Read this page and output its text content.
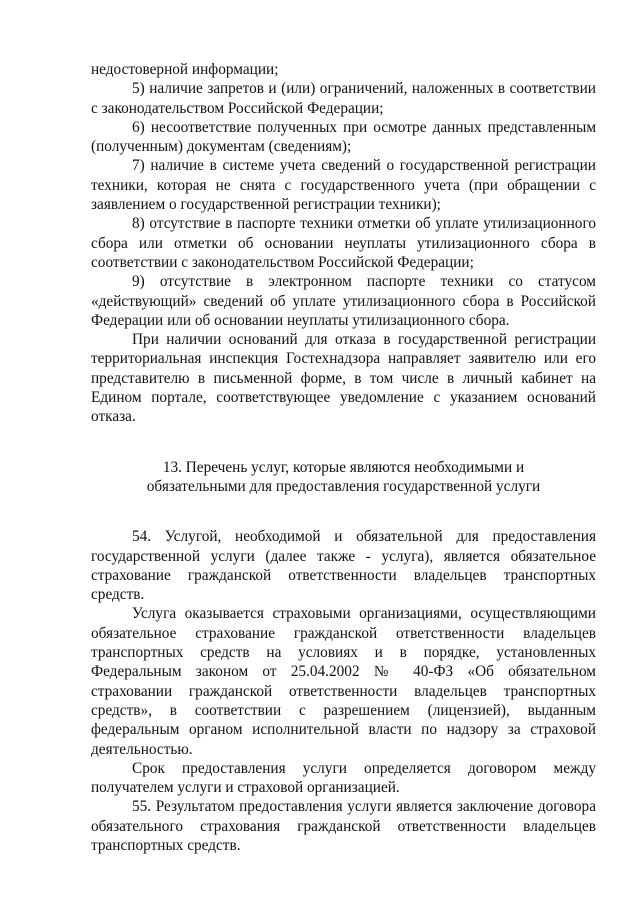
недостоверной информации;

5) наличие запретов и (или) ограничений, наложенных в соответствии с законодательством Российской Федерации;

6) несоответствие полученных при осмотре данных представленным (полученным) документам (сведениям);

7) наличие в системе учета сведений о государственной регистрации техники, которая не снята с государственного учета (при обращении с заявлением о государственной регистрации техники);

8) отсутствие в паспорте техники отметки об уплате утилизационного сбора или отметки об основании неуплаты утилизационного сбора в соответствии с законодательством Российской Федерации;

9) отсутствие в электронном паспорте техники со статусом «действующий» сведений об уплате утилизационного сбора в Российской Федерации или об основании неуплаты утилизационного сбора.

При наличии оснований для отказа в государственной регистрации территориальная инспекция Гостехнадзора направляет заявителю или его представителю в письменной форме, в том числе в личный кабинет на Едином портале, соответствующее уведомление с указанием оснований отказа.

13. Перечень услуг, которые являются необходимыми и
обязательными для предоставления государственной услуги

54. Услугой, необходимой и обязательной для предоставления государственной услуги (далее также - услуга), является обязательное страхование гражданской ответственности владельцев транспортных средств.

Услуга оказывается страховыми организациями, осуществляющими обязательное страхование гражданской ответственности владельцев транспортных средств на условиях и в порядке, установленных Федеральным законом от 25.04.2002 № 40-ФЗ «Об обязательном страховании гражданской ответственности владельцев транспортных средств», в соответствии с разрешением (лицензией), выданным федеральным органом исполнительной власти по надзору за страховой деятельностью.

Срок предоставления услуги определяется договором между получателем услуги и страховой организацией.

55. Результатом предоставления услуги является заключение договора обязательного страхования гражданской ответственности владельцев транспортных средств.
